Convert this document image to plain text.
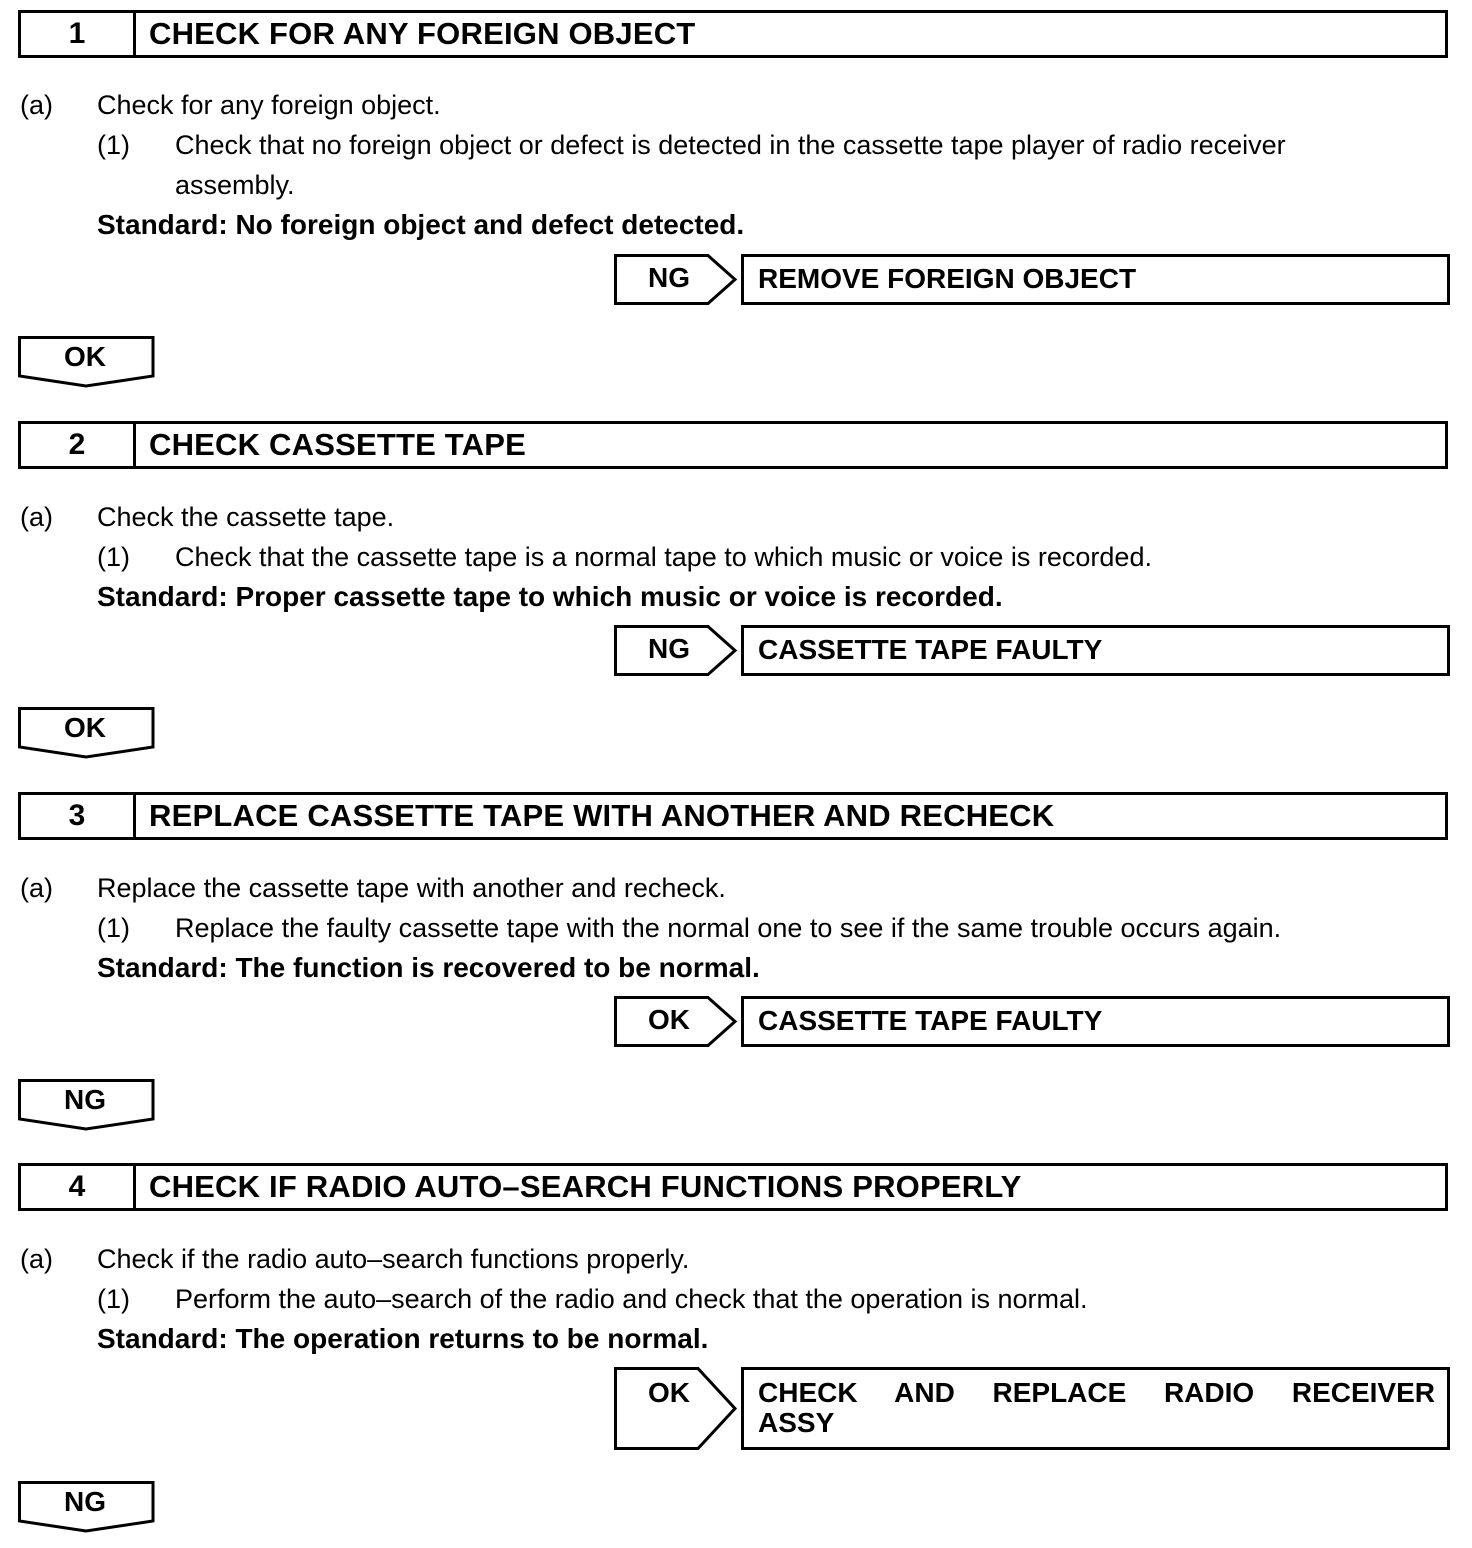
1	CHECK FOR ANY FOREIGN OBJECT
(a) Check for any foreign object.
(1) Check that no foreign object or defect is detected in the cassette tape player of radio receiver
assembly.
Standard: No foreign object and defect detected.
NG	REMOVE FOREIGN OBJECT
OK
2	CHECK CASSETTE TAPE
(a) Check the cassette tape.
(1) Check that the cassette tape is a normal tape to which music or voice is recorded.
Standard: Proper cassette tape to which music or voice is recorded.
NG	CASSETTE TAPE FAULTY
OK
3	REPLACE CASSETTE TAPE WITH ANOTHER AND RECHECK
(a) Replace the cassette tape with another and recheck.
(1) Replace the faulty cassette tape with the normal one to see if the same trouble occurs again.
Standard: The function is recovered to be normal.
OK	CASSETTE TAPE FAULTY
NG
4	CHECK IF RADIO AUTO–SEARCH FUNCTIONS PROPERLY
(a) Check if the radio auto–search functions properly.
(1) Perform the auto–search of the radio and check that the operation is normal.
Standard: The operation returns to be normal.
OK	CHECK AND REPLACE RADIO RECEIVER
ASSY
NG
